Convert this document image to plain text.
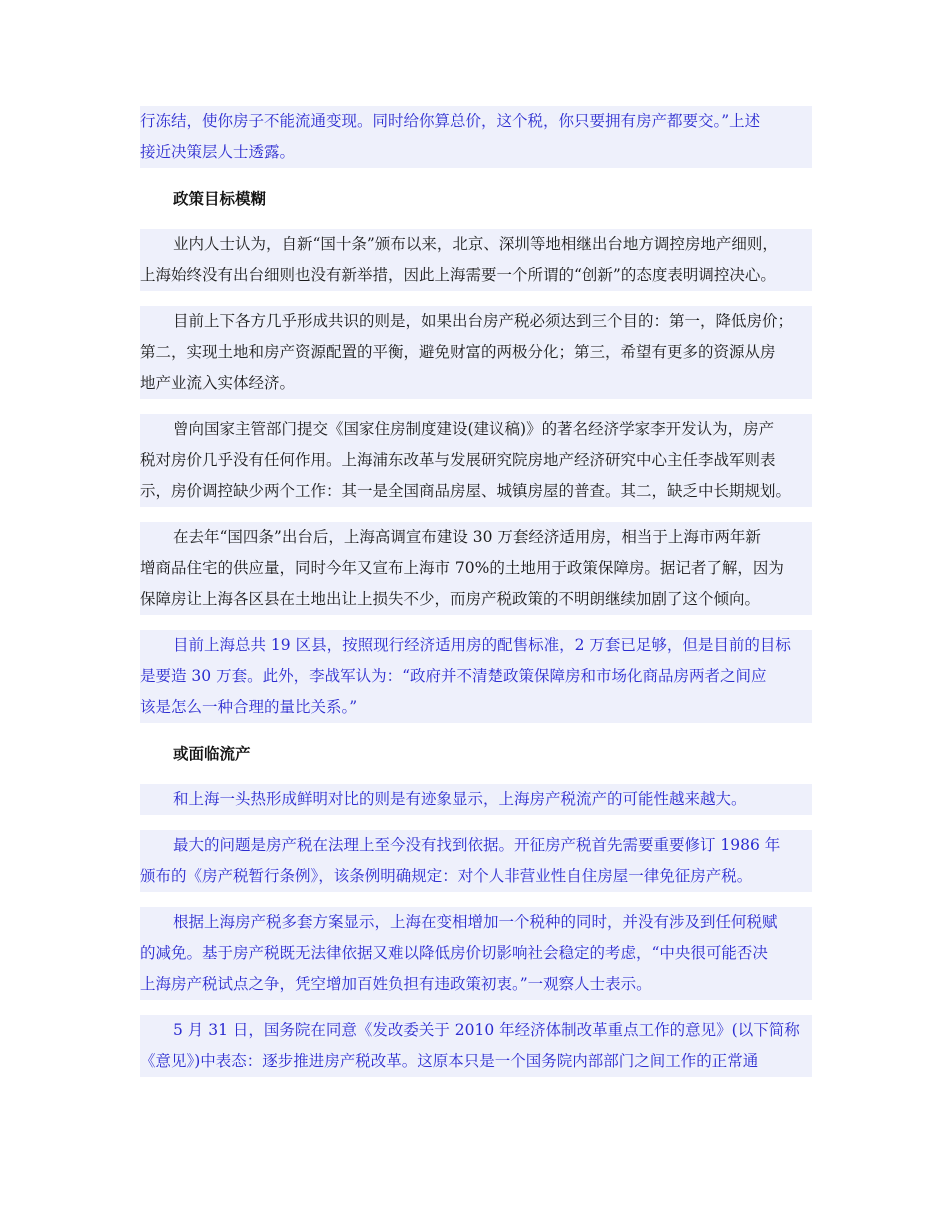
行冻结，使你房子不能流通变现。同时给你算总价，这个税，你只要拥有房产都要交。”上述
接近决策层人士透露。
政策目标模糊
业内人士认为，自新“国十条”颁布以来，北京、深圳等地相继出台地方调控房地产细则，
上海始终没有出台细则也没有新举措，因此上海需要一个所谓的“创新”的态度表明调控决心。
目前上下各方几乎形成共识的则是，如果出台房产税必须达到三个目的：第一，降低房价；
第二，实现土地和房产资源配置的平衡，避免财富的两极分化；第三，希望有更多的资源从房
地产业流入实体经济。
曾向国家主管部门提交《国家住房制度建设(建议稿)》的著名经济学家李开发认为，房产
税对房价几乎没有任何作用。上海浦东改革与发展研究院房地产经济研究中心主任李战军则表
示，房价调控缺少两个工作：其一是全国商品房屋、城镇房屋的普查。其二，缺乏中长期规划。
在去年“国四条”出台后，上海高调宣布建设 30 万套经济适用房，相当于上海市两年新
增商品住宅的供应量，同时今年又宣布上海市 70%的土地用于政策保障房。据记者了解，因为
保障房让上海各区县在土地出让上损失不少，而房产税政策的不明朗继续加剧了这个倾向。
目前上海总共 19 区县，按照现行经济适用房的配售标准，2 万套已足够，但是目前的目标
是要造 30 万套。此外，李战军认为：“政府并不清楚政策保障房和市场化商品房两者之间应
该是怎么一种合理的量比关系。”
或面临流产
和上海一头热形成鲜明对比的则是有迹象显示，上海房产税流产的可能性越来越大。
最大的问题是房产税在法理上至今没有找到依据。开征房产税首先需要重要修订 1986 年
颁布的《房产税暂行条例》，该条例明确规定：对个人非营业性自住房屋一律免征房产税。
根据上海房产税多套方案显示，上海在变相增加一个税种的同时，并没有涉及到任何税赋
的减免。基于房产税既无法律依据又难以降低房价切影响社会稳定的考虑，“中央很可能否决
上海房产税试点之争，凭空增加百姓负担有违政策初衷。”一观察人士表示。
5 月 31 日，国务院在同意《发改委关于 2010 年经济体制改革重点工作的意见》(以下简称
《意见》)中表态：逐步推进房产税改革。这原本只是一个国务院内部部门之间工作的正常通
